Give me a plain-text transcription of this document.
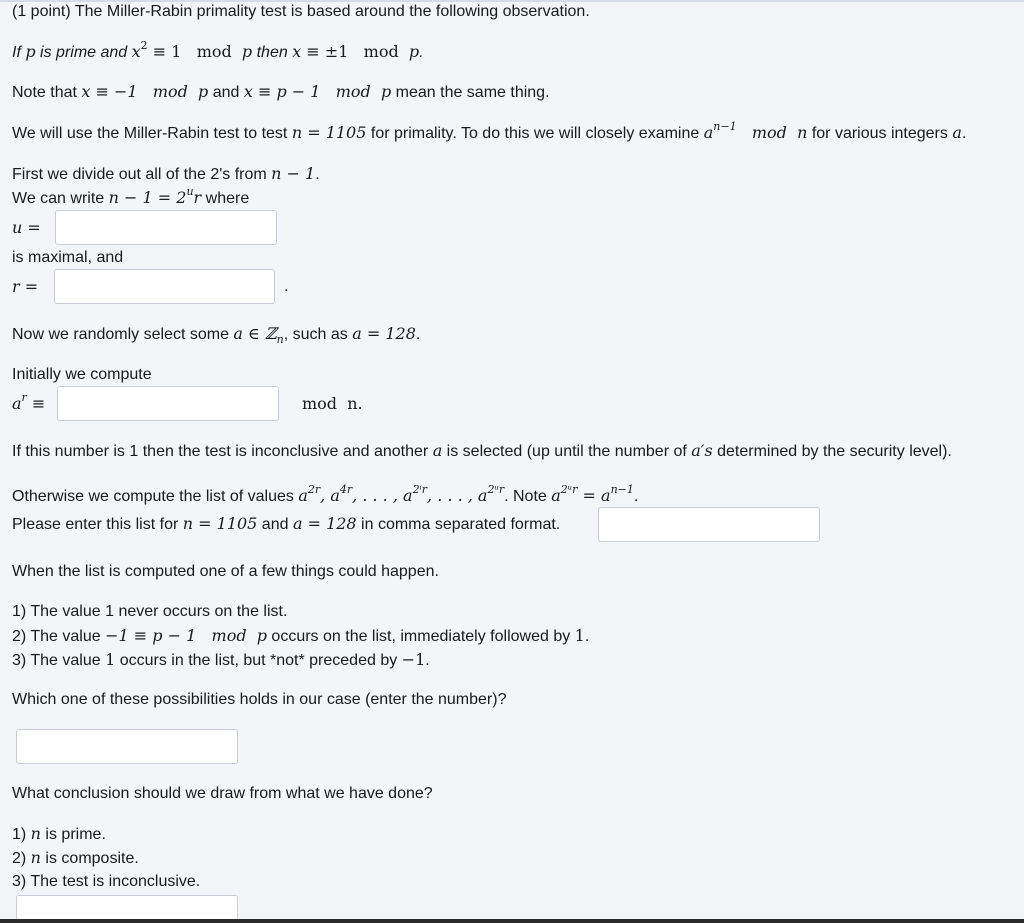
(1 point) The Miller-Rabin primality test is based around the following observation.
If p is prime and $x^2 \equiv 1$   mod  p then x ≡ ±1   mod  p.
Note that x ≡ −1   mod  p and x ≡ p − 1   mod  p mean the same thing.
We will use the Miller-Rabin test to test n = 1105 for primality. To do this we will closely examine $a^{n-1}$   mod  n for various integers a.
First we divide out all of the 2's from n − 1.
We can write $n - 1 = 2^ur$ where
u =
is maximal, and
r =	.
Now we randomly select some a ∈ ℤ$_n$, such as a = 128.
Initially we compute
$a^r$ ≡	mod  n.
If this number is 1 then the test is inconclusive and another a is selected (up until the number of a′s determined by the security level).
Otherwise we compute the list of values $a^{2r}$, $a^{4r}$, . . . , $a^{2^ir}$, . . . , $a^{2ᵘr}$. Note $a^{2ᵘr} = a^{n-1}$.
Please enter this list for n = 1105 and a = 128 in comma separated format.
When the list is computed one of a few things could happen.
1) The value 1 never occurs on the list.
2) The value −1 ≡ p − 1   mod  p occurs on the list, immediately followed by 1.
3) The value 1 occurs in the list, but *not* preceded by −1.
Which one of these possibilities holds in our case (enter the number)?
What conclusion should we draw from what we have done?
1) n is prime.
2) n is composite.
3) The test is inconclusive.
